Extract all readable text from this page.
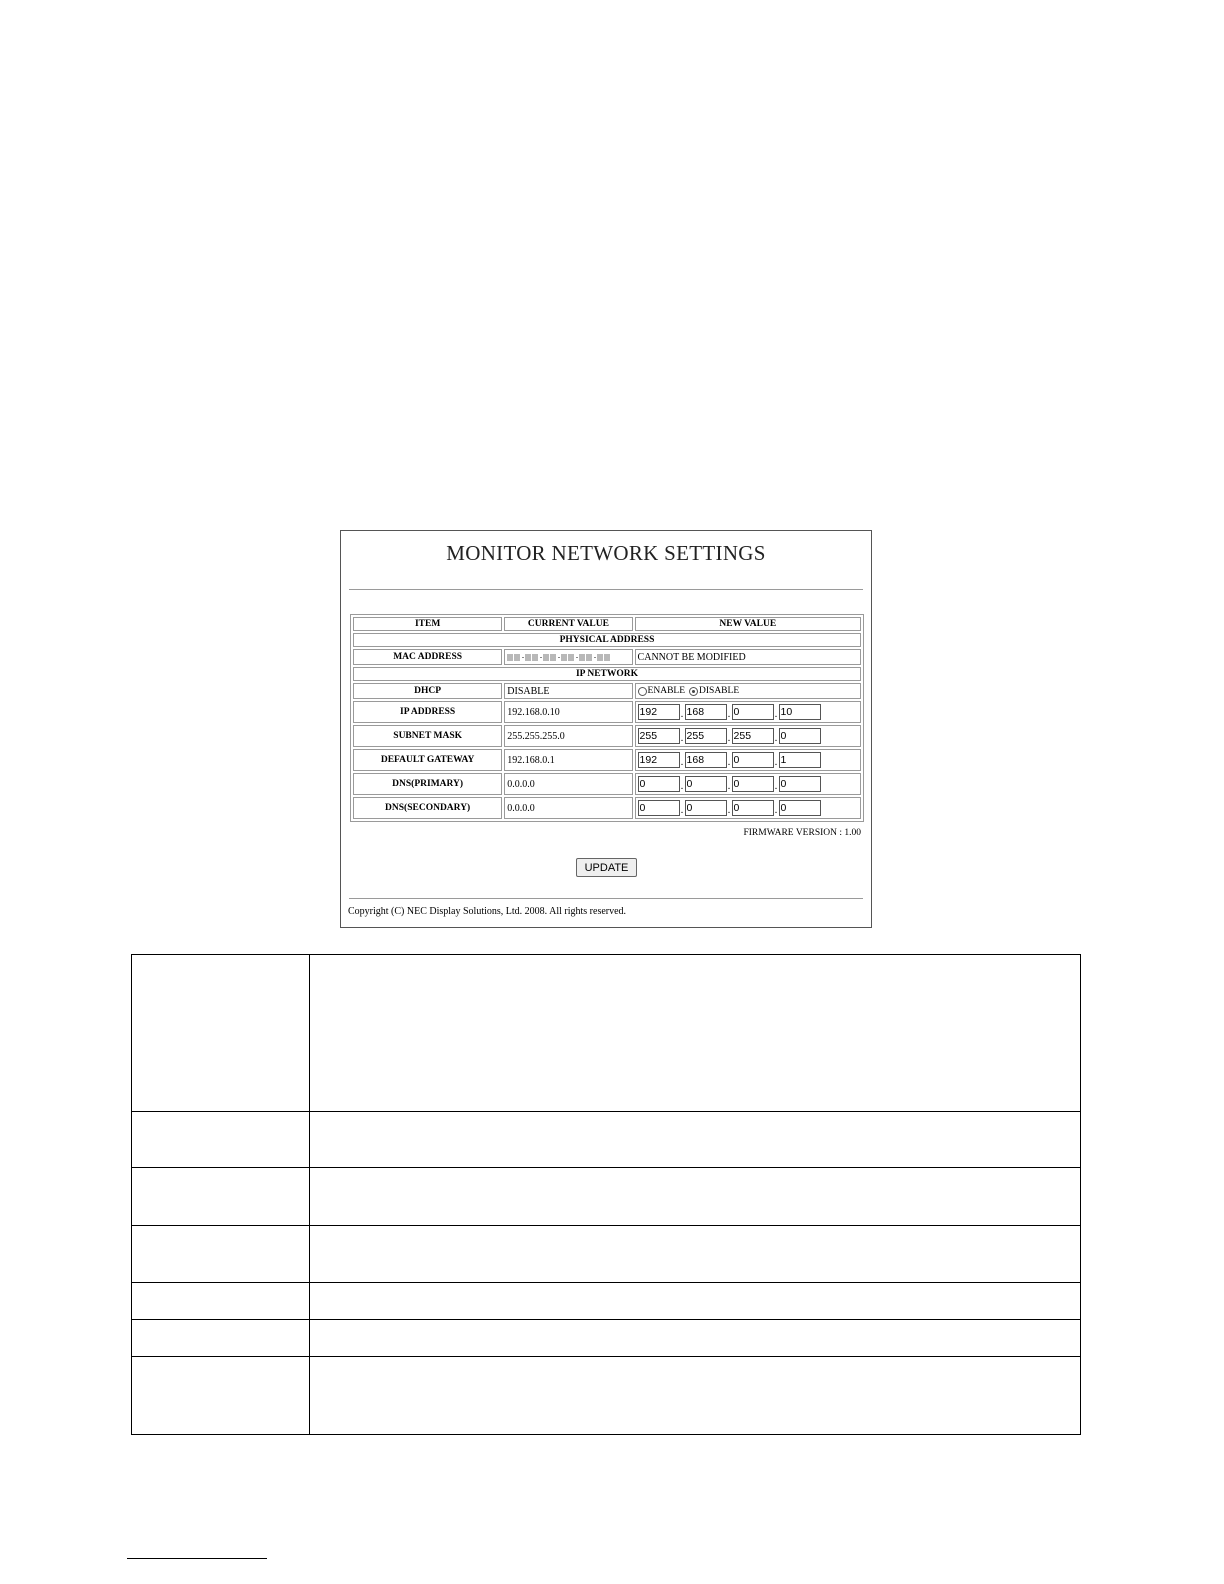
MONITOR NETWORK SETTINGS
ITEM	CURRENT VALUE	NEW VALUE
PHYSICAL ADDRESS		
MAC ADDRESS		CANNOT BE MODIFIED
IP NETWORK		
DHCP	DISABLE	ENABLE DISABLE
IP ADDRESS	192.168.0.10	192.168 .0 .10
SUBNET MASK	255.255.255.0	255.255 .255 .0
DEFAULT GATEWAY	192.168.0.1	192.168 .0 .1
DNS(PRIMARY)	0.0.0.0	0.0 .0 .0
DNS(SECONDARY)	0.0.0.0	0.0 .0 .0
FIRMWARE VERSION : 1.00
UPDATE
Copyright (C) NEC Display Solutions, Ltd. 2008. All rights reserved.
